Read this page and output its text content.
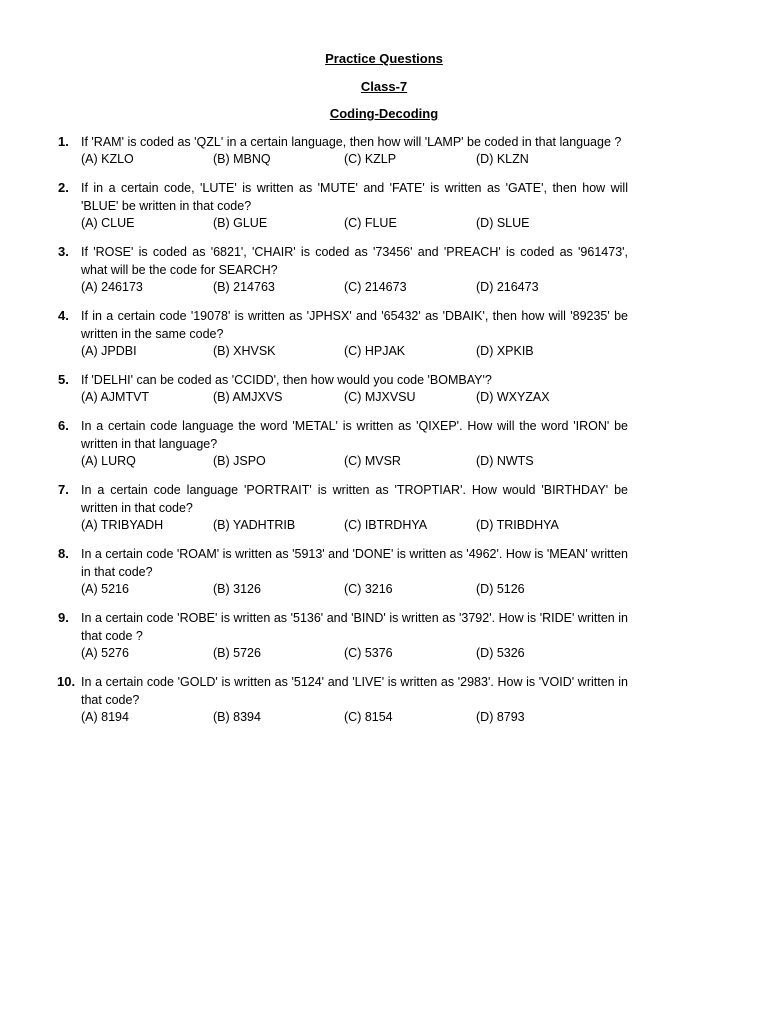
Practice Questions
Class-7
Coding-Decoding
1. If 'RAM' is coded as 'QZL' in a certain language, then how will 'LAMP' be coded in that language ?
(A) KZLO	(B) MBNQ	(C) KZLP	(D) KLZN
2. If in a certain code, 'LUTE' is written as 'MUTE' and 'FATE' is written as 'GATE', then how will 'BLUE' be written in that code?
(A) CLUE	(B) GLUE	(C) FLUE	(D) SLUE
3. If 'ROSE' is coded as '6821', 'CHAIR' is coded as '73456' and 'PREACH' is coded as '961473', what will be the code for SEARCH?
(A) 246173	(B) 214763	(C) 214673	(D) 216473
4. If in a certain code '19078' is written as 'JPHSX' and '65432' as 'DBAIK', then how will '89235' be written in the same code?
(A) JPDBI	(B) XHVSK	(C) HPJAK	(D) XPKIB
5. If 'DELHI' can be coded as 'CCIDD', then how would you code 'BOMBAY'?
(A) AJMTVT	(B) AMJXVS	(C) MJXVSU	(D) WXYZAX
6. In a certain code language the word 'METAL' is written as 'QIXEP'. How will the word 'IRON' be written in that language?
(A) LURQ	(B) JSPO	(C) MVSR	(D) NWTS
7. In a certain code language 'PORTRAIT' is written as 'TROPTIAR'. How would 'BIRTHDAY' be written in that code?
(A) TRIBYADH	(B) YADHTRIB	(C) IBTRDHYA	(D) TRIBDHYA
8. In a certain code 'ROAM' is written as '5913' and 'DONE' is written as '4962'. How is 'MEAN' written in that code?
(A) 5216	(B) 3126	(C) 3216	(D) 5126
9. In a certain code 'ROBE' is written as '5136' and 'BIND' is written as '3792'. How is 'RIDE' written in that code ?
(A) 5276	(B) 5726	(C) 5376	(D) 5326
10. In a certain code 'GOLD' is written as '5124' and 'LIVE' is written as '2983'. How is 'VOID' written in that code?
(A) 8194	(B) 8394	(C) 8154	(D) 8793
